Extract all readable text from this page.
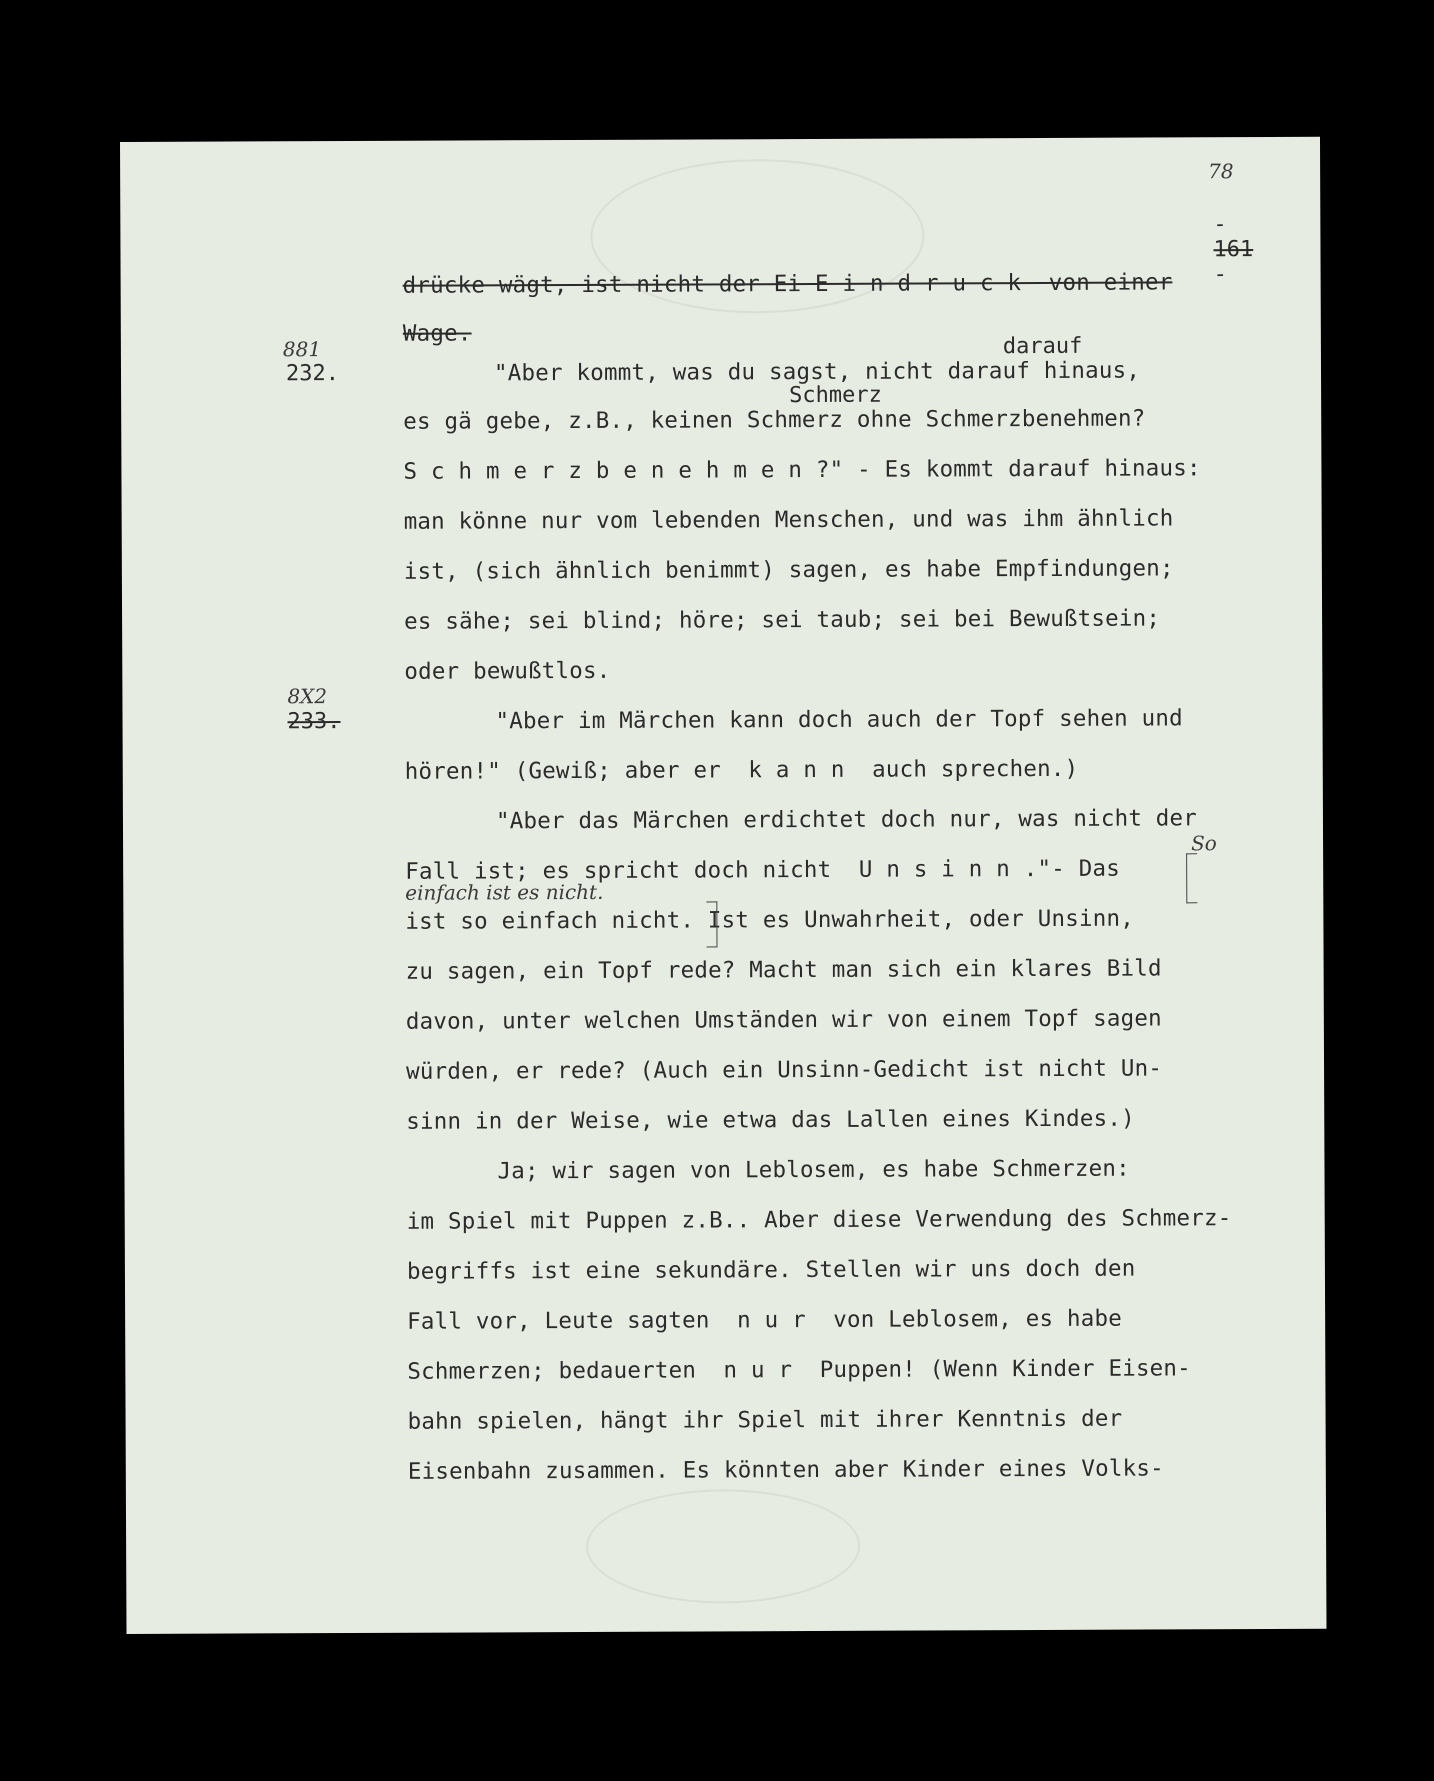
-
161
-

78
drücke wägt, ist nicht der Ei E i n d r u c k  von einer
Wage.
881
232.
darauf
"Aber kommt, was du sagst, nicht darauf hinaus,
Schmerz
es gä gebe, z.B., keinen Schmerz ohne Schmerzbenehmen?
S c h m e r z b e n e h m e n ?" - Es kommt darauf hinaus:
man könne nur vom lebenden Menschen, und was ihm ähnlich
ist, (sich ähnlich benimmt) sagen, es habe Empfindungen;
es sähe; sei blind; höre; sei taub; sei bei Bewußtsein;
oder bewußtlos.
8X2
233.	"Aber im Märchen kann doch auch der Topf sehen und
hören!" (Gewiß; aber er  k a n n  auch sprechen.)
"Aber das Märchen erdichtet doch nur, was nicht der
So
Fall ist; es spricht doch nicht  U n s i n n ."- Das
einfach ist es nicht.
ist so einfach nicht. Ist es Unwahrheit, oder Unsinn,
zu sagen, ein Topf rede? Macht man sich ein klares Bild
davon, unter welchen Umständen wir von einem Topf sagen
würden, er rede? (Auch ein Unsinn-Gedicht ist nicht Un-
sinn in der Weise, wie etwa das Lallen eines Kindes.)
Ja; wir sagen von Leblosem, es habe Schmerzen:
im Spiel mit Puppen z.B.. Aber diese Verwendung des Schmerz-
begriffs ist eine sekundäre. Stellen wir uns doch den
Fall vor, Leute sagten  n u r  von Leblosem, es habe
Schmerzen; bedauerten  n u r  Puppen! (Wenn Kinder Eisen-
bahn spielen, hängt ihr Spiel mit ihrer Kenntnis der
Eisenbahn zusammen. Es könnten aber Kinder eines Volks-
